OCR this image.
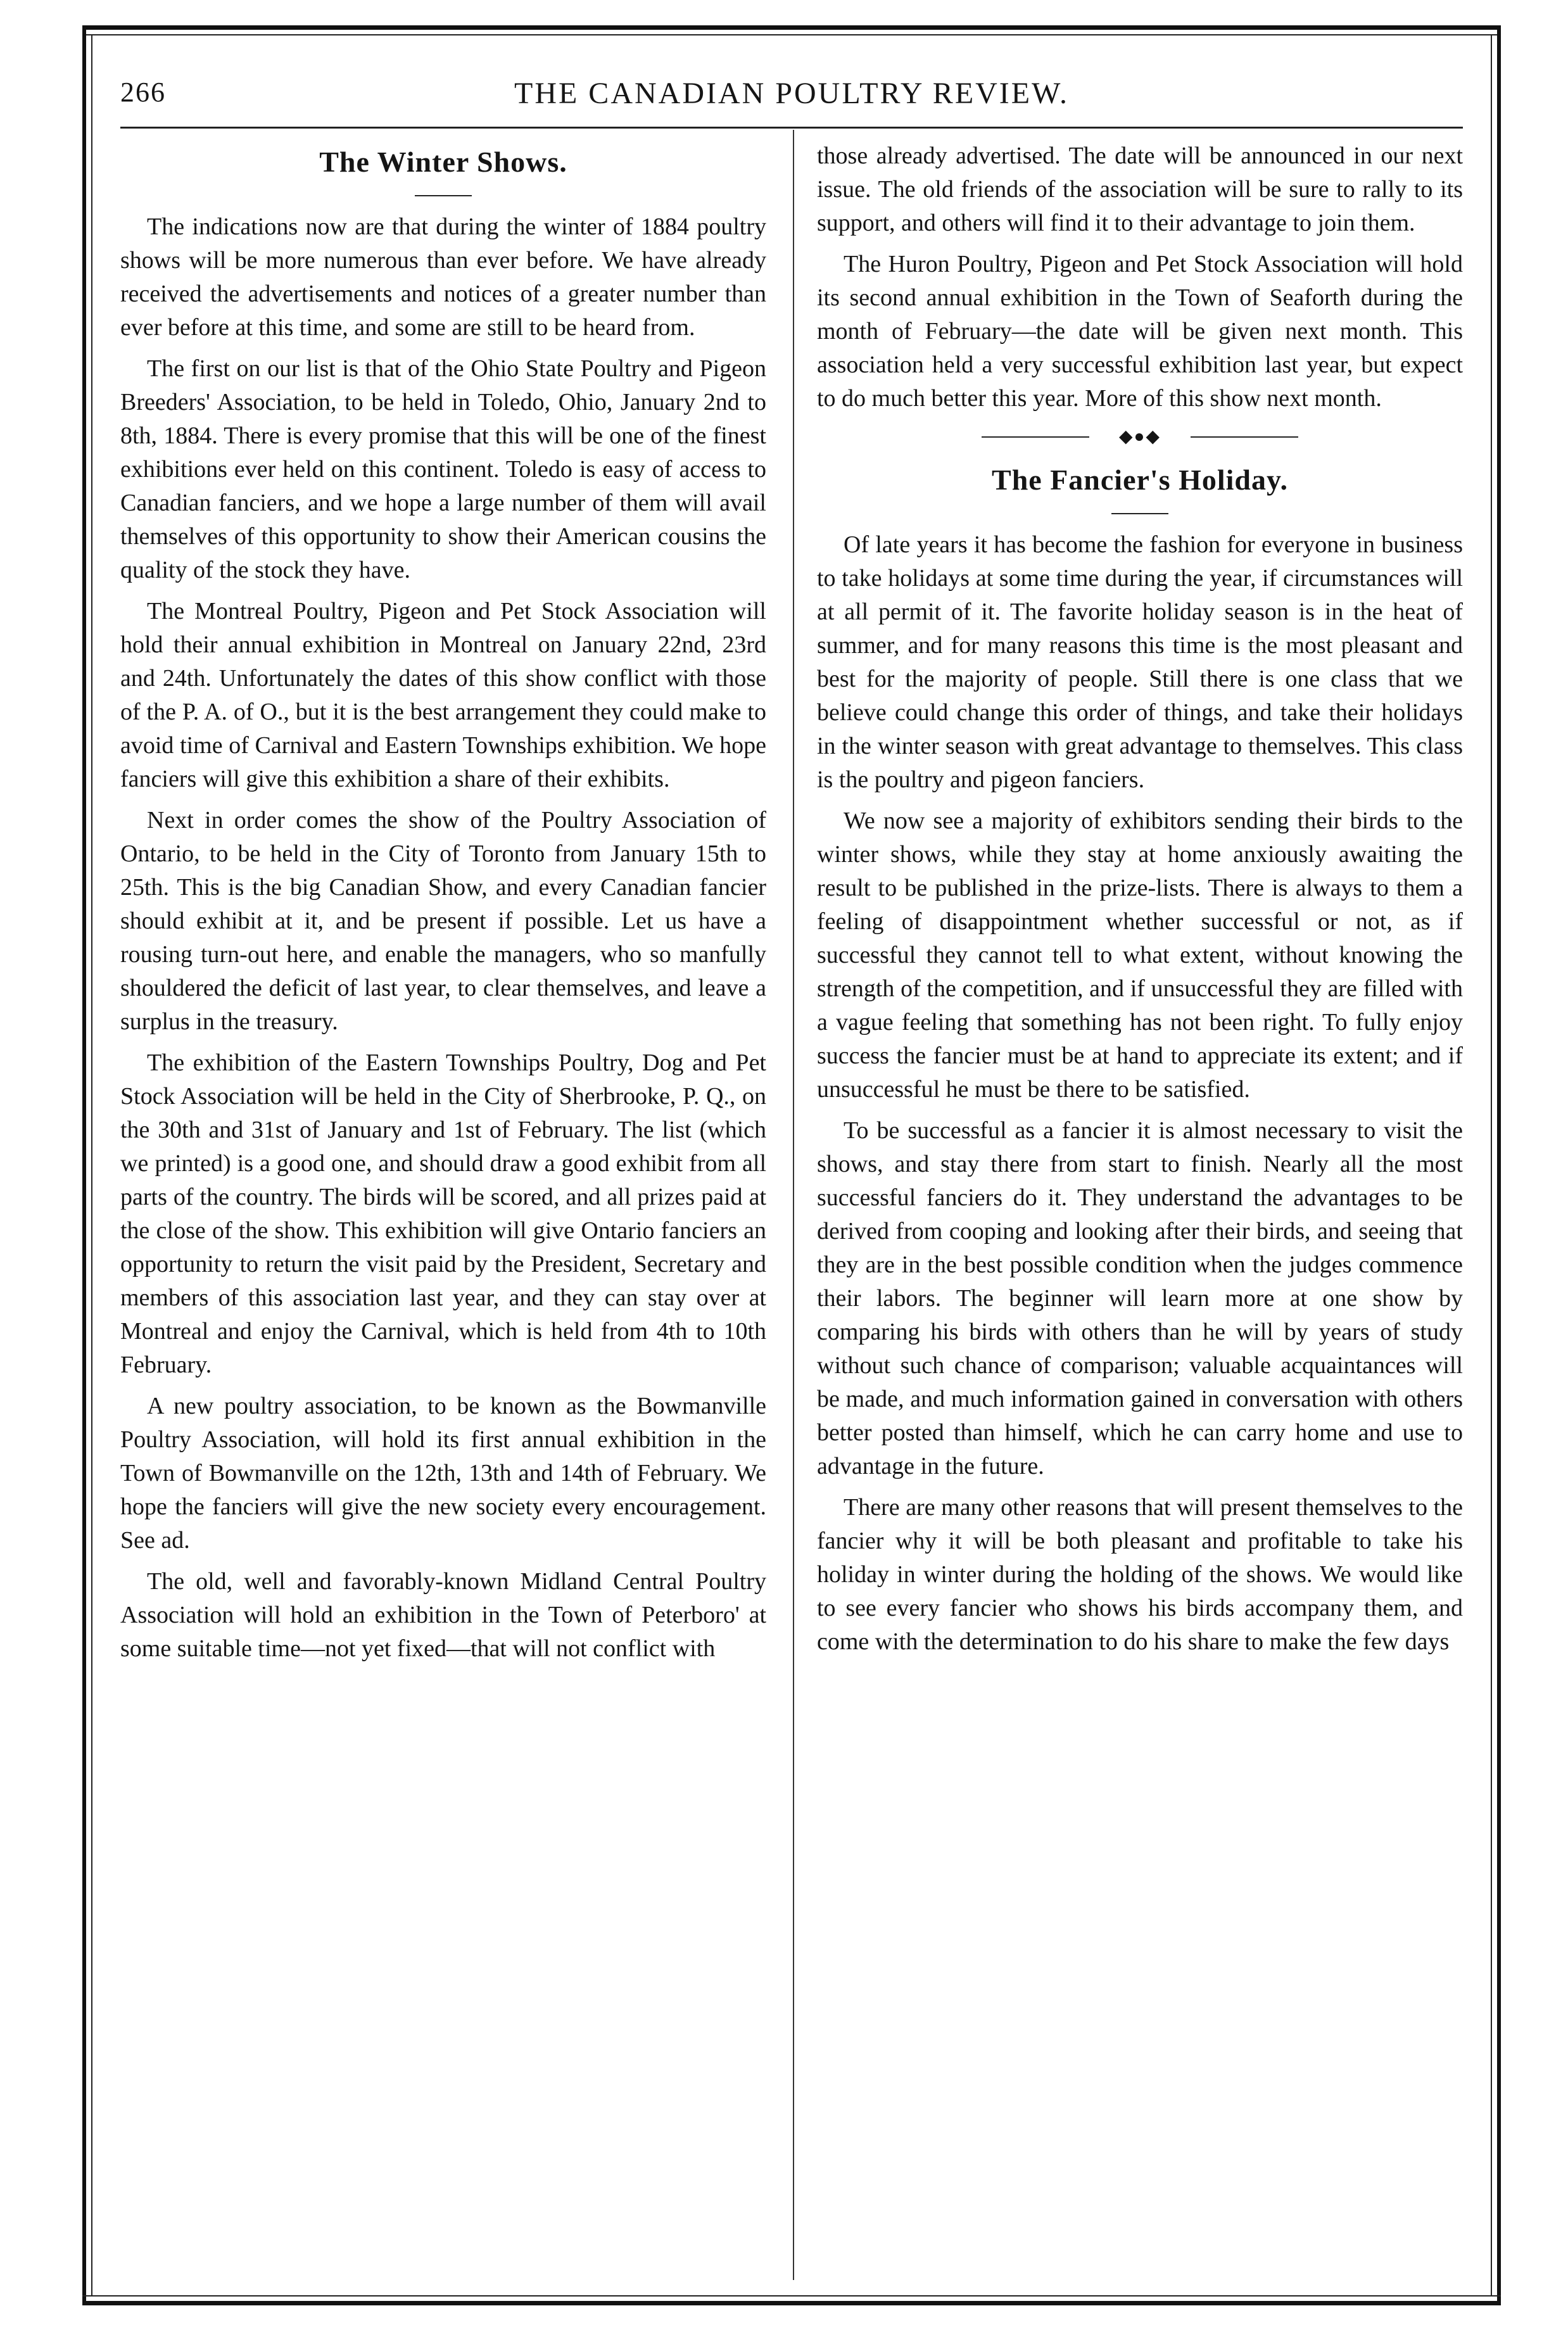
THE CANADIAN POULTRY REVIEW.
266
The Winter Shows.

The indications now are that during the winter of 1884 poultry shows will be more numerous than ever before. We have already received the advertisements and notices of a greater number than ever before at this time, and some are still to be heard from.

The first on our list is that of the Ohio State Poultry and Pigeon Breeders' Association, to be held in Toledo, Ohio, January 2nd to 8th, 1884. There is every promise that this will be one of the finest exhibitions ever held on this continent. Toledo is easy of access to Canadian fanciers, and we hope a large number of them will avail themselves of this opportunity to show their American cousins the quality of the stock they have.

The Montreal Poultry, Pigeon and Pet Stock Association will hold their annual exhibition in Montreal on January 22nd, 23rd and 24th. Unfortunately the dates of this show conflict with those of the P. A. of O., but it is the best arrangement they could make to avoid time of Carnival and Eastern Townships exhibition. We hope fanciers will give this exhibition a share of their exhibits.

Next in order comes the show of the Poultry Association of Ontario, to be held in the City of Toronto from January 15th to 25th. This is the big Canadian Show, and every Canadian fancier should exhibit at it, and be present if possible. Let us have a rousing turn-out here, and enable the managers, who so manfully shouldered the deficit of last year, to clear themselves, and leave a surplus in the treasury.

The exhibition of the Eastern Townships Poultry, Dog and Pet Stock Association will be held in the City of Sherbrooke, P. Q., on the 30th and 31st of January and 1st of February. The list (which we printed) is a good one, and should draw a good exhibit from all parts of the country. The birds will be scored, and all prizes paid at the close of the show. This exhibition will give Ontario fanciers an opportunity to return the visit paid by the President, Secretary and members of this association last year, and they can stay over at Montreal and enjoy the Carnival, which is held from 4th to 10th February.

A new poultry association, to be known as the Bowmanville Poultry Association, will hold its first annual exhibition in the Town of Bowmanville on the 12th, 13th and 14th of February. We hope the fanciers will give the new society every encouragement. See ad.

The old, well and favorably-known Midland Central Poultry Association will hold an exhibition in the Town of Peterboro' at some suitable time—not yet fixed—that will not conflict with

those already advertised. The date will be announced in our next issue. The old friends of the association will be sure to rally to its support, and others will find it to their advantage to join them.

The Huron Poultry, Pigeon and Pet Stock Association will hold its second annual exhibition in the Town of Seaforth during the month of February—the date will be given next month. This association held a very successful exhibition last year, but expect to do much better this year. More of this show next month.

◆●◆
The Fancier's Holiday.

Of late years it has become the fashion for everyone in business to take holidays at some time during the year, if circumstances will at all permit of it. The favorite holiday season is in the heat of summer, and for many reasons this time is the most pleasant and best for the majority of people. Still there is one class that we believe could change this order of things, and take their holidays in the winter season with great advantage to themselves. This class is the poultry and pigeon fanciers.

We now see a majority of exhibitors sending their birds to the winter shows, while they stay at home anxiously awaiting the result to be published in the prize-lists. There is always to them a feeling of disappointment whether successful or not, as if successful they cannot tell to what extent, without knowing the strength of the competition, and if unsuccessful they are filled with a vague feeling that something has not been right. To fully enjoy success the fancier must be at hand to appreciate its extent; and if unsuccessful he must be there to be satisfied.

To be successful as a fancier it is almost necessary to visit the shows, and stay there from start to finish. Nearly all the most successful fanciers do it. They understand the advantages to be derived from cooping and looking after their birds, and seeing that they are in the best possible condition when the judges commence their labors. The beginner will learn more at one show by comparing his birds with others than he will by years of study without such chance of comparison; valuable acquaintances will be made, and much information gained in conversation with others better posted than himself, which he can carry home and use to advantage in the future.

There are many other reasons that will present themselves to the fancier why it will be both pleasant and profitable to take his holiday in winter during the holding of the shows. We would like to see every fancier who shows his birds accompany them, and come with the determination to do his share to make the few days
